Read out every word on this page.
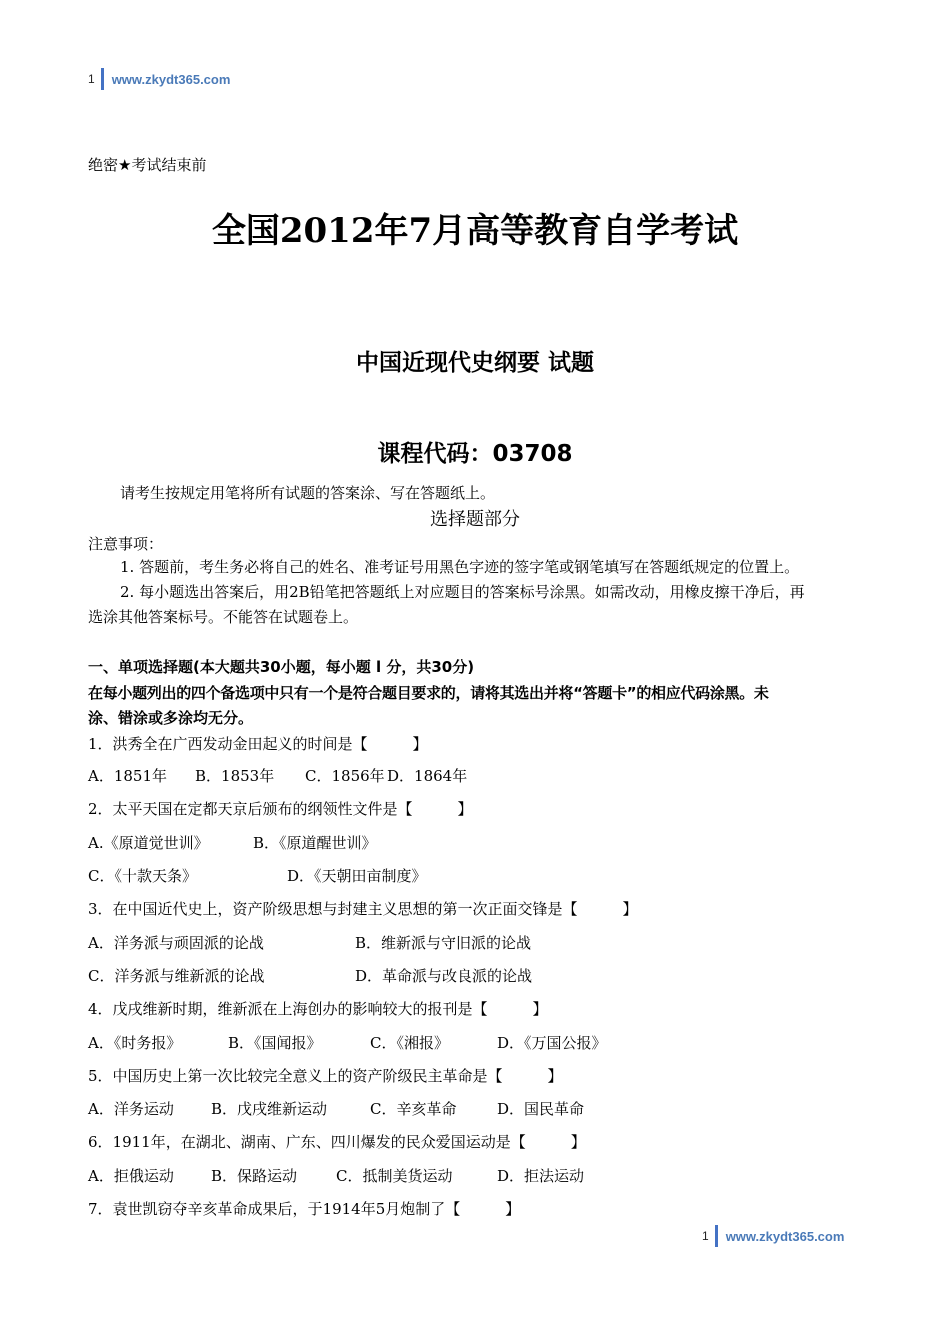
1 www.zkydt365.com
绝密★考试结束前
全国2012年7月高等教育自学考试
中国近现代史纲要 试题
课程代码：03708
请考生按规定用笔将所有试题的答案涂、写在答题纸上。
选择题部分
注意事项：
1. 答题前，考生务必将自己的姓名、准考证号用黑色字迹的签字笔或钢笔填写在答题纸规定的位置上。
2. 每小题选出答案后，用2B铅笔把答题纸上对应题目的答案标号涂黑。如需改动，用橡皮擦干净后，再
选涂其他答案标号。不能答在试题卷上。
一、单项选择题(本大题共30小题，每小题 l 分，共30分)
在每小题列出的四个备选项中只有一个是符合题目要求的，请将其选出并将“答题卡”的相应代码涂黑。未
涂、错涂或多涂均无分。
1．洪秀全在广西发动金田起义的时间是【　　　】
A．1851年 B．1853年 C．1856年 D．1864年
2．太平天国在定都天京后颁布的纲领性文件是【　　　】
A.《原道觉世训》	B．《原道醒世训》
C．《十款天条》	D．《天朝田亩制度》
3．在中国近代史上，资产阶级思想与封建主义思想的第一次正面交锋是【　　　】
A．洋务派与顽固派的论战	B．维新派与守旧派的论战
C．洋务派与维新派的论战	D．革命派与改良派的论战
4．戊戌维新时期，维新派在上海创办的影响较大的报刊是【　　　】
A．《时务报》	B．《国闻报》	C．《湘报》	D．《万国公报》
5．中国历史上第一次比较完全意义上的资产阶级民主革命是【　　　】
A．洋务运动 B．戊戌维新运动	C．辛亥革命	D．国民革命
6．1911年，在湖北、湖南、广东、四川爆发的民众爱国运动是【　　　】
A．拒俄运动 B．保路运动	C．抵制美货运动	D．拒法运动
7．袁世凯窃夺辛亥革命成果后，于1914年5月炮制了【　　　】
1 www.zkydt365.com
